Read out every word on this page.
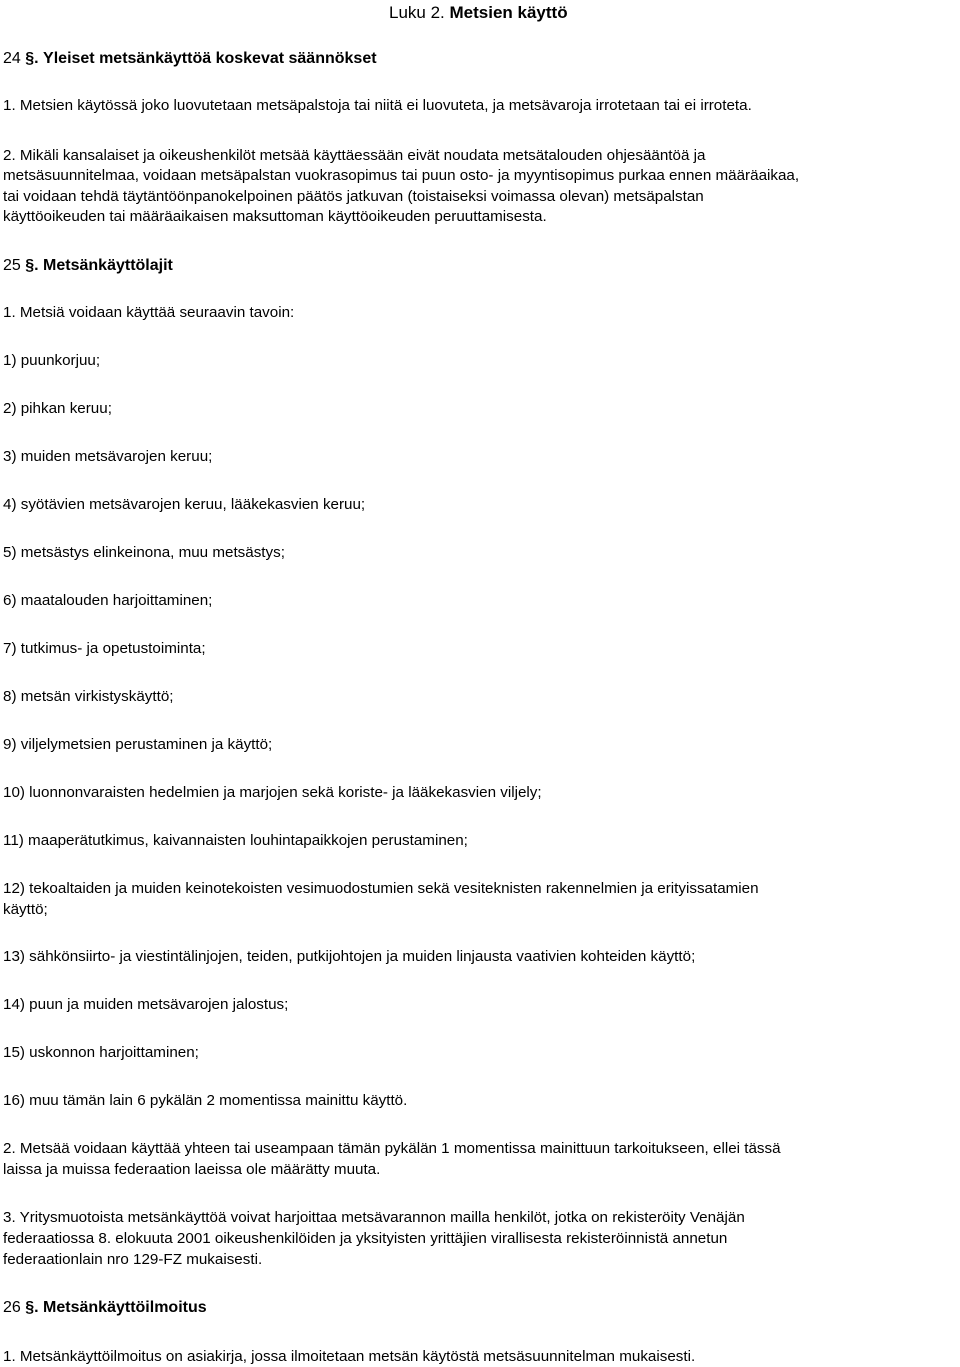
Luku 2. Metsien käyttö
24 §. Yleiset metsänkäyttöä koskevat säännökset

1. Metsien käytössä joko luovutetaan metsäpalstoja tai niitä ei luovuteta, ja metsävaroja irrotetaan tai ei irroteta.

2. Mikäli kansalaiset ja oikeushenkilöt metsää käyttäessään eivät noudata metsätalouden ohjesääntöä ja

metsäsuunnitelmaa, voidaan metsäpalstan vuokrasopimus tai puun osto- ja myyntisopimus purkaa ennen määräaikaa,

tai voidaan tehdä täytäntöönpanokelpoinen päätös jatkuvan (toistaiseksi voimassa olevan) metsäpalstan

käyttöoikeuden tai määräaikaisen maksuttoman käyttöoikeuden peruuttamisesta.

25 §. Metsänkäyttölajit

1. Metsiä voidaan käyttää seuraavin tavoin:

1) puunkorjuu;

2) pihkan keruu;

3) muiden metsävarojen keruu;

4) syötävien metsävarojen keruu, lääkekasvien keruu;

5) metsästys elinkeinona, muu metsästys;

6) maatalouden harjoittaminen;

7) tutkimus- ja opetustoiminta;

8) metsän virkistyskäyttö;

9) viljelymetsien perustaminen ja käyttö;

10) luonnonvaraisten hedelmien ja marjojen sekä koriste- ja lääkekasvien viljely;

11) maaperätutkimus, kaivannaisten louhintapaikkojen perustaminen;

12) tekoaltaiden ja muiden keinotekoisten vesimuodostumien sekä vesiteknisten rakennelmien ja erityissatamien

käyttö;

13) sähkönsiirto- ja viestintälinjojen, teiden, putkijohtojen ja muiden linjausta vaativien kohteiden käyttö;

14) puun ja muiden metsävarojen jalostus;

15) uskonnon harjoittaminen;

16) muu tämän lain 6 pykälän 2 momentissa mainittu käyttö.

2. Metsää voidaan käyttää yhteen tai useampaan tämän pykälän 1 momentissa mainittuun tarkoitukseen, ellei tässä

laissa ja muissa federaation laeissa ole määrätty muuta.

3. Yritysmuotoista metsänkäyttöä voivat harjoittaa metsävarannon mailla henkilöt, jotka on rekisteröity Venäjän

federaatiossa 8. elokuuta 2001 oikeushenkilöiden ja yksityisten yrittäjien virallisesta rekisteröinnistä annetun

federaationlain nro 129-FZ mukaisesti.

26 §. Metsänkäyttöilmoitus

1. Metsänkäyttöilmoitus on asiakirja, jossa ilmoitetaan metsän käytöstä metsäsuunnitelman mukaisesti.
